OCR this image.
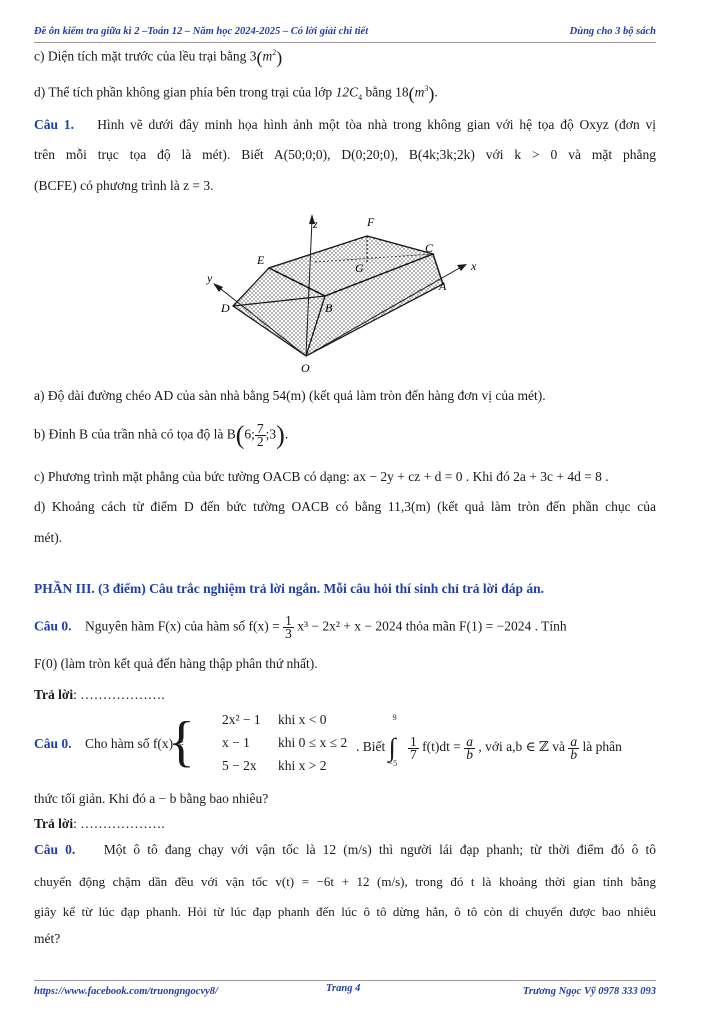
Đề ôn kiểm tra giữa kì 2 –Toán 12 – Năm học 2024-2025 – Có lời giải chi tiết	Dùng cho 3 bộ sách
c) Diện tích mặt trước của lều trại bằng $3(m^2)$
d) Thể tích phần không gian phía bên trong trại của lớp $12C_4$ bằng $18(m^3)$.
Câu 1. Hình vẽ dưới đây minh họa hình ảnh một tòa nhà trong không gian với hệ tọa độ Oxyz (đơn vị
trên mỗi trục tọa độ là mét). Biết A(50;0;0), D(0;20;0), B(4k;3k;2k) với k > 0 và mặt phẳng
(BCFE) có phương trình là z = 3.
z	F
C
E
G	x
y
A
D	B
O
a) Độ dài đường chéo AD của sàn nhà bằng 54(m) (kết quả làm tròn đến hàng đơn vị của mét).
b) Đỉnh B của trần nhà có tọa độ là B(6; $\frac{7}{2}$ ;3).
c) Phương trình mặt phẳng của bức tường OACB có dạng: ax − 2y + cz + d = 0 . Khi đó 2a + 3c + 4d = 8 .
d) Khoảng cách từ điểm D đến bức tường OACB có bằng 11,3(m) (kết quả làm tròn đến phần chục của
mét).
PHẦN III. (3 điểm) Câu trắc nghiệm trả lời ngắn. Mỗi câu hỏi thí sinh chỉ trả lời đáp án.
Câu 0. Nguyên hàm F(x) của hàm số $f(x) = \frac{1}{3} x^3 - 2x^2 + x - 2024$ thỏa mãn F(1) = −2024 . Tính
F(0) (làm tròn kết quả đến hàng thập phân thứ nhất).
Trả lời: ……………….
Câu 0. Cho hàm số f(x) =
{ 2x² − 1 khi x < 0
x − 1 khi 0 ≤ x ≤ 2
5 − 2x khi x > 2
. Biết
9
∫
−5

$\frac{1}{7} f(t)dt = \frac{a}{b}$ , với a,b ∈ ℤ và $\frac{a}{b}$ là phân
thức tối giản. Khi đó a − b bằng bao nhiêu?
Trả lời: ……………….
Câu 0. Một ô tô đang chạy với vận tốc là 12 (m/s) thì người lái đạp phanh; từ thời điểm đó ô tô
chuyển động chậm dần đều với vận tốc v(t) = −6t + 12 (m/s), trong đó t là khoảng thời gian tính bằng
giây kể từ lúc đạp phanh. Hỏi từ lúc đạp phanh đến lúc ô tô dừng hẳn, ô tô còn di chuyển được bao nhiêu
mét?
https://www.facebook.com/truongngocvy8/	Trang 4	Trương Ngọc Vỹ 0978 333 093
